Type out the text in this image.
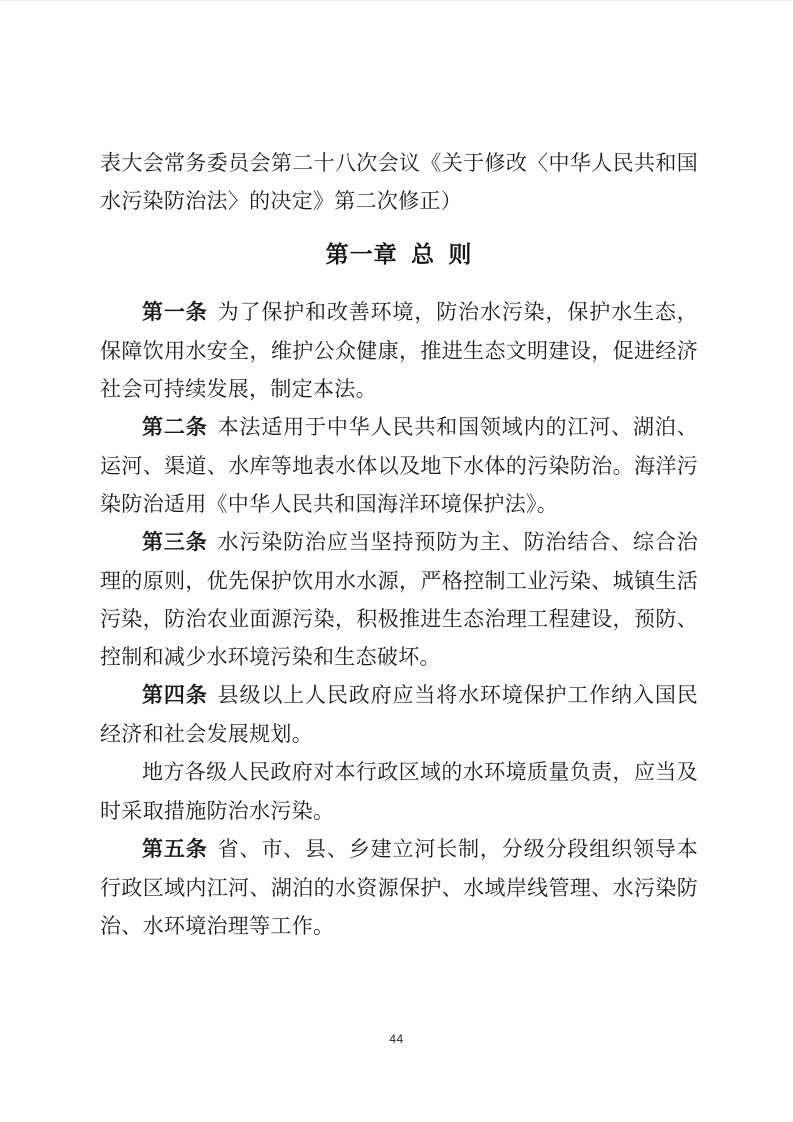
表大会常务委员会第二十八次会议《关于修改〈中华人民共和国水污染防治法〉的决定》第二次修正）

第一章 总 则

第一条 为了保护和改善环境，防治水污染，保护水生态，保障饮用水安全，维护公众健康，推进生态文明建设，促进经济社会可持续发展，制定本法。

第二条 本法适用于中华人民共和国领域内的江河、湖泊、运河、渠道、水库等地表水体以及地下水体的污染防治。海洋污染防治适用《中华人民共和国海洋环境保护法》。

第三条 水污染防治应当坚持预防为主、防治结合、综合治理的原则，优先保护饮用水水源，严格控制工业污染、城镇生活污染，防治农业面源污染，积极推进生态治理工程建设，预防、控制和减少水环境污染和生态破坏。

第四条 县级以上人民政府应当将水环境保护工作纳入国民经济和社会发展规划。

地方各级人民政府对本行政区域的水环境质量负责，应当及时采取措施防治水污染。

第五条 省、市、县、乡建立河长制，分级分段组织领导本行政区域内江河、湖泊的水资源保护、水域岸线管理、水污染防治、水环境治理等工作。

44
